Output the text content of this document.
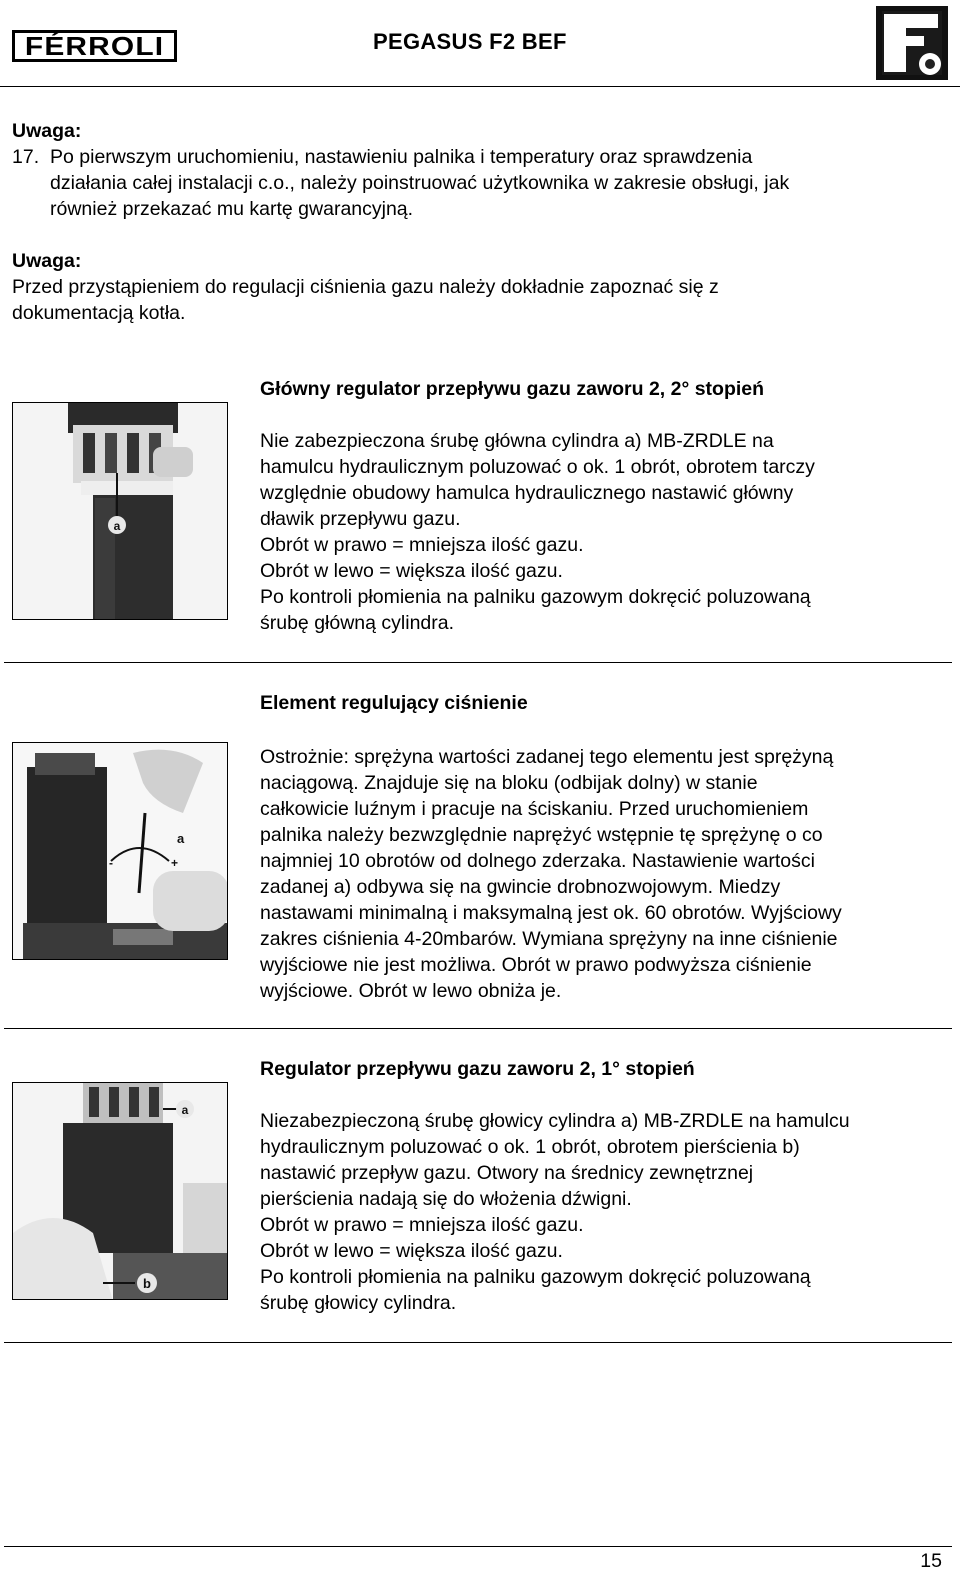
FÉRROLI	PEGASUS F2 BEF
Uwaga:
17. Po pierwszym uruchomieniu, nastawieniu palnika i temperatury oraz sprawdzenia
działania całej instalacji c.o., należy poinstruować użytkownika w zakresie obsługi, jak
również przekazać mu kartę gwarancyjną.
Uwaga:
Przed przystąpieniem do regulacji ciśnienia gazu należy dokładnie zapoznać się z
dokumentacją kotła.
Główny regulator przepływu gazu zaworu 2, 2° stopień
a
Nie zabezpieczona śrubę główna cylindra a) MB-ZRDLE na
hamulcu hydraulicznym poluzować o ok. 1 obrót, obrotem tarczy
względnie obudowy hamulca hydraulicznego nastawić główny
dławik przepływu gazu.
Obrót w prawo = mniejsza ilość gazu.
Obrót w lewo = większa ilość gazu.
Po kontroli płomienia na palniku gazowym dokręcić poluzowaną
śrubę główną cylindra.
Element regulujący ciśnienie
-	+
a
Ostrożnie: sprężyna wartości zadanej tego elementu jest sprężyną
naciągową. Znajduje się na bloku (odbijak dolny) w stanie
całkowicie luźnym i pracuje na ściskaniu. Przed uruchomieniem
palnika należy bezwzględnie naprężyć wstępnie tę sprężynę o co
najmniej 10 obrotów od dolnego zderzaka. Nastawienie wartości
zadanej a) odbywa się na gwincie drobnozwojowym. Miedzy
nastawami minimalną i maksymalną jest ok. 60 obrotów. Wyjściowy
zakres ciśnienia 4-20mbarów. Wymiana sprężyny na inne ciśnienie
wyjściowe nie jest możliwa. Obrót w prawo podwyższa ciśnienie
wyjściowe. Obrót w lewo obniża je.
Regulator przepływu gazu zaworu 2, 1° stopień
a
b
Niezabezpieczoną śrubę głowicy cylindra a) MB-ZRDLE na hamulcu
hydraulicznym poluzować o ok. 1 obrót, obrotem pierścienia b)
nastawić przepływ gazu. Otwory na średnicy zewnętrznej
pierścienia nadają się do włożenia dźwigni.
Obrót w prawo = mniejsza ilość gazu.
Obrót w lewo = większa ilość gazu.
Po kontroli płomienia na palniku gazowym dokręcić poluzowaną
śrubę głowicy cylindra.
15
